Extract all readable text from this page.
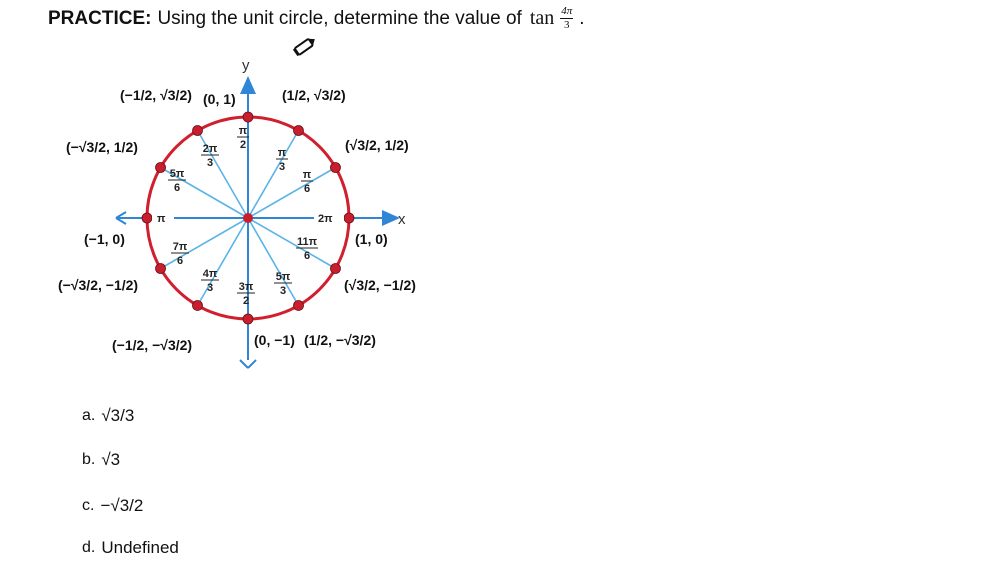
PRACTICE: Using the unit circle, determine the value of $\tan \frac{4\pi}{3}$ .
x
y
2π
π
6
π
3
π
2
2π
3
5π
6
π
7π
6
4π
3 3π
2
5π
3
11π
6
(1, 0)
(√3/2, 1/2)
(1/2, √3/2)
(0, 1)
(−1/2, √3/2)
(−√3/2, 1/2)
(−1, 0)
(−√3/2, −1/2)
(−1/2, −√3/2)	(0, −1) (1/2, −√3/2)
(√3/2, −1/2)
a. √3/3
b. √3
c. −√3/2
d. Undefined
